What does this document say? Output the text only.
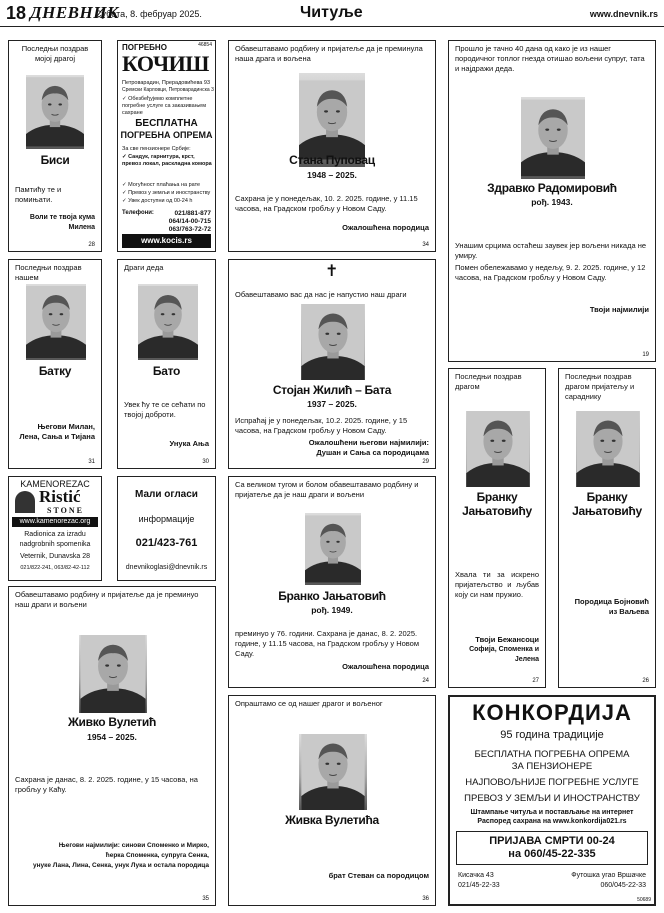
18 ДНЕВНИК
Субота, 8. фебруар 2025.	Читуље	www.dnevnik.rs
Последњи поздрав мојој драгој
Биси
Памтићу те и помињати.
Воли те твоја кума Милена
28
46854
ПОГРЕБНО
КОЧИШ
Петроварадин, Прерадовићева 93
Сремски Карловци, Петроварадинска 3
✓ Обезбеђујемо комплетне погребне услуге са заказивањем сахране
БЕСПЛАТНА
ПОГРЕБНА ОПРЕМА
За све пензионере Србије:
✓ Сандук, гарнитура, крст, превоз локал, раскладна комора
✓ Могућност плаћања на рате
✓ Превоз у земљи и иностранству
✓ Увек доступни од 00-24 h
Телефони:	021/881-877
064/14-00-715
063/763-72-72
www.kocis.rs
Обавештавамо родбину и пријатеље да је преминула наша драга и вољена
Стана Пуповац
1948 – 2025.
Сахрана је у понедељак, 10. 2. 2025. године, у 11.15 часова, на Градском гробљу у Новом Саду.
Ожалошћена породица
34
Прошло је тачно 40 дана од како је из нашег породичног топлог гнезда отишао вољени супруг, тата и најдражи деда.
Здравко Радомировић
рођ. 1943.
Унашим срцима остаћеш заувек јер вољени никада не умиру.
Помен обележавамо у недељу, 9. 2. 2025. године, у 12 часова, на Градском гробљу у Новом Саду.
Твоји најмилији
19
Последњи поздрав нашем
Батку
Његови Милан,
Лена, Сања и Тијана
31
Драги деда
Бато
Увек ћу те се сећати по твојој доброти.
Унука Ања
30
✝
Обавештавамо вас да нас је напустио наш драги
Стојан Жилић – Бата
1937 – 2025.
Испраћај је у понедељак, 10.2. 2025. године, у 15 часова, на Градском гробљу у Новом Саду.
Ожалошћени његови најмилији:
Душан и Сања са породицама
29
KAMENOREZAC
Ristić
STONE
www.kamenorezac.org
Radionica za izradu
nadgrobnih spomenika
Veternik, Dunavska 28
021/822-241, 063/82-42-112
Мали огласи
информације
021/423-761
dnevnikoglasi@dnevnik.rs
Са великом тугом и болом обавештавамо родбину и пријатеље да је наш драги и вољени
Бранко Јањатовић
рођ. 1949.
преминуо у 76. години. Сахрана је данас, 8. 2. 2025. године, у 11.15 часова, на Градском гробљу у Новом Саду.
Ожалошћена породица
24
Последњи поздрав драгом
Бранку
Јањатовићу
Хвала ти за искрено пријатељство и љубав коју си нам пружио.
Твоји Бежансоци
Софија, Споменка и Јелена
27
Последњи поздрав драгом пријатељу и сараднику
Бранку
Јањатовићу
Породица Бојновић
из Ваљева
26
Обавештавамо родбину и пријатеље да је преминуо наш драги и вољени
Живко Вулетић
1954 – 2025.
Сахрана је данас, 8. 2. 2025. године, у 15 часова, на гробљу у Каћу.
Његови најмилији: синови Споменко и Мирко,
ћерка Споменка, супруга Сенка,
унуке Лана, Лина, Сенка, унук Лука и остала породица
35
Опраштамо се од нашег драгог и вољеног
Живка Вулетића
брат Стеван са породицом
36
КОНКОРДИЈА
95 година традиције
БЕСПЛАТНА ПОГРЕБНА ОПРЕМА
ЗА ПЕНЗИОНЕРЕ
НАЈПОВОЉНИЈЕ ПОГРЕБНЕ УСЛУГЕ
ПРЕВОЗ У ЗЕМЉИ И ИНОСТРАНСТВУ
Штампање читуља и постављање на интернет
Распоред сахрана на www.konkordija021.rs
ПРИЈАВА СМРТИ 00-24
на 060/45-22-335
Кисачка 43
021/45-22-33
Футошка угао Вршачке
060/045-22-33
50689
